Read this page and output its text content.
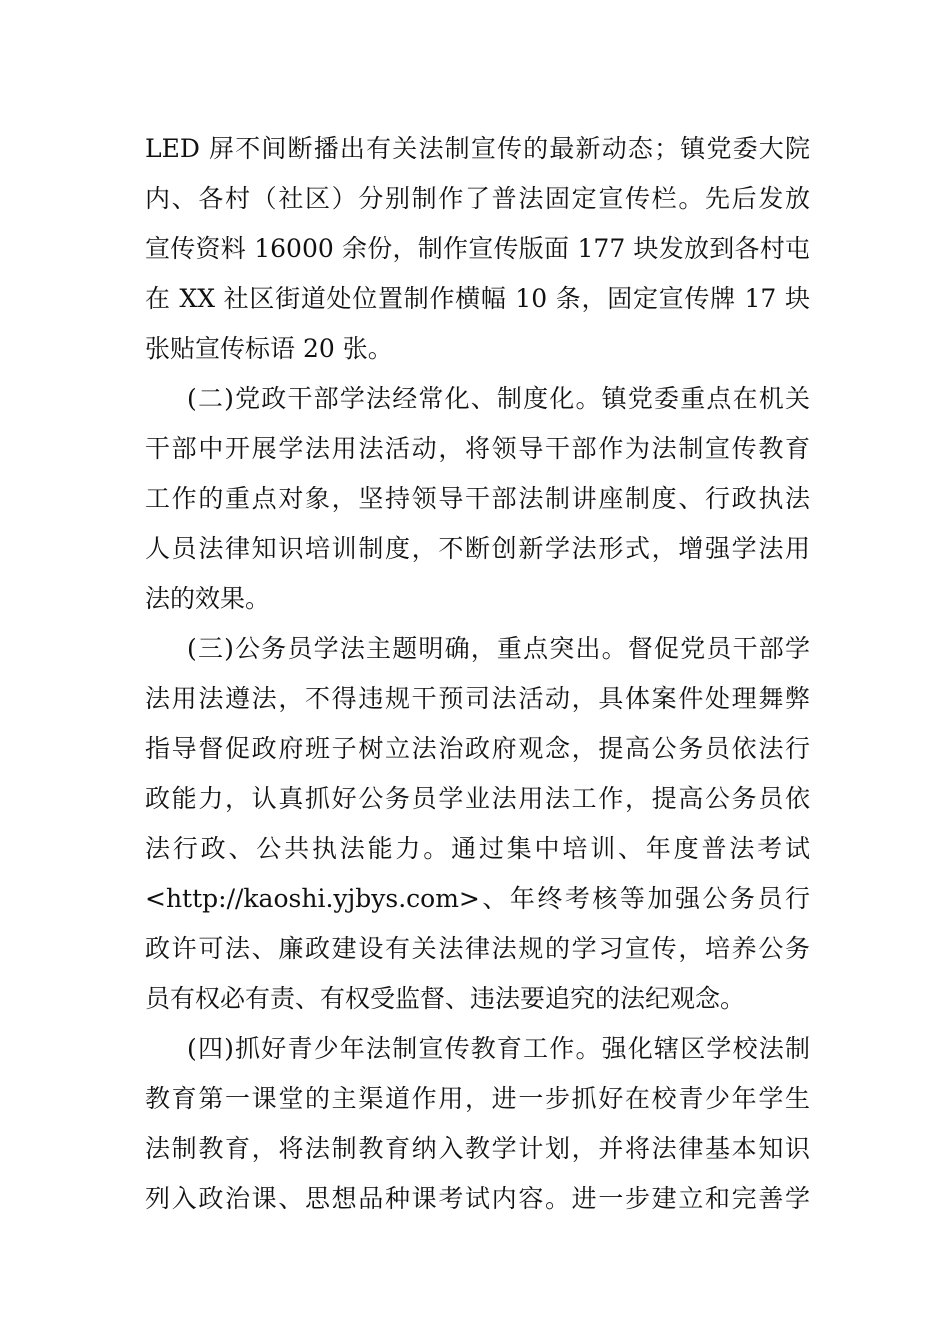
LED 屏不间断播出有关法制宣传的最新动态；镇党委大院
内、各村（社区）分别制作了普法固定宣传栏。先后发放
宣传资料 16000 余份，制作宣传版面 177 块发放到各村屯
在 XX 社区街道处位置制作横幅 10 条，固定宣传牌 17 块
张贴宣传标语 20 张。
(二)党政干部学法经常化、制度化。镇党委重点在机关
干部中开展学法用法活动，将领导干部作为法制宣传教育
工作的重点对象，坚持领导干部法制讲座制度、行政执法
人员法律知识培训制度，不断创新学法形式，增强学法用
法的效果。
(三)公务员学法主题明确，重点突出。督促党员干部学
法用法遵法，不得违规干预司法活动，具体案件处理舞弊
指导督促政府班子树立法治政府观念，提高公务员依法行
政能力，认真抓好公务员学业法用法工作，提高公务员依
法行政、公共执法能力。通过集中培训、年度普法考试
<http://kaoshi.yjbys.com>、年终考核等加强公务员行
政许可法、廉政建设有关法律法规的学习宣传，培养公务
员有权必有责、有权受监督、违法要追究的法纪观念。
(四)抓好青少年法制宣传教育工作。强化辖区学校法制
教育第一课堂的主渠道作用，进一步抓好在校青少年学生
法制教育，将法制教育纳入教学计划，并将法律基本知识
列入政治课、思想品种课考试内容。进一步建立和完善学
